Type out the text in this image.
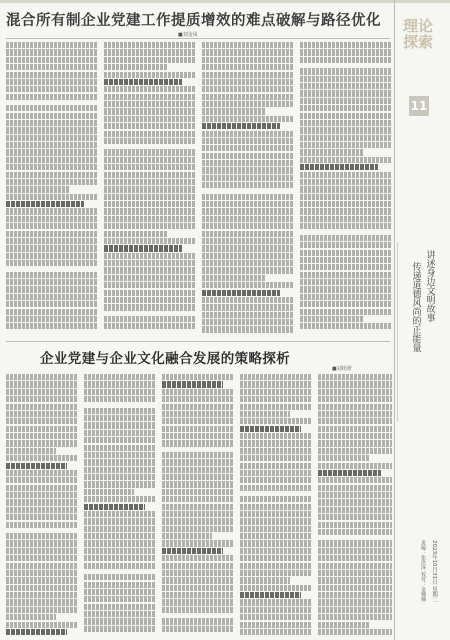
混合所有制企业党建工作提质增效的难点破解与路径优化
■刘金凤
企业党建与企业文化融合发展的策略探析
■刘艳妍
理论探索
11
讲述身边文明故事
传递道德风尚的正能量
2023年10月31日 星期二
责编：张洪泽 校对：金楠楠
